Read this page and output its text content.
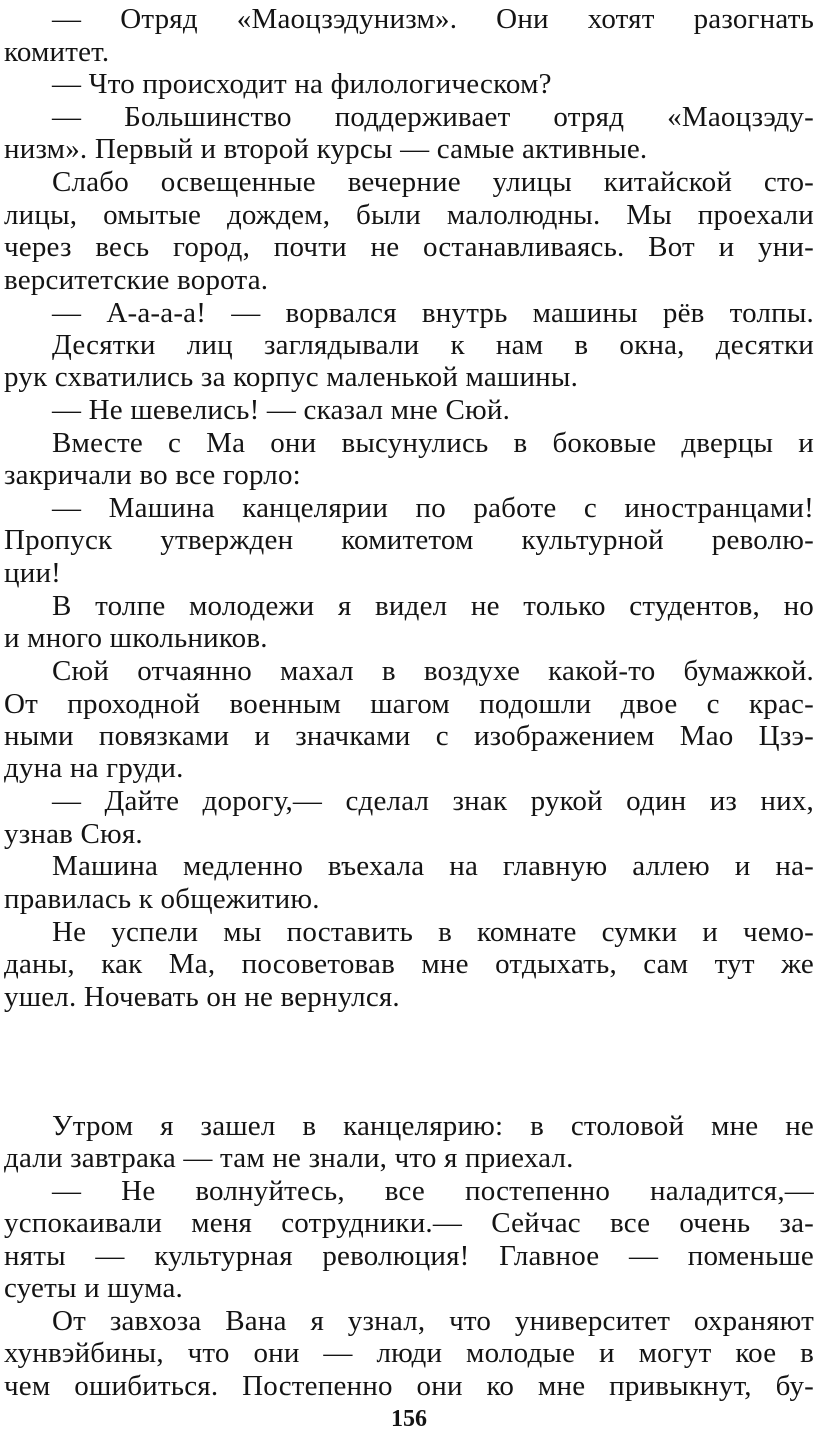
— Отряд «Маоцзэдунизм». Они хотят разогнать
комитет.
— Что происходит на филологическом?
— Большинство поддерживает отряд «Маоцзэду-
низм». Первый и второй курсы — самые активные.
Слабо освещенные вечерние улицы китайской сто-
лицы, омытые дождем, были малолюдны. Мы проехали
через весь город, почти не останавливаясь. Вот и уни-
верситетские ворота.
— А-а-а-а! — ворвался внутрь машины рёв толпы.
Десятки лиц заглядывали к нам в окна, десятки
рук схватились за корпус маленькой машины.
— Не шевелись! — сказал мне Сюй.
Вместе с Ма они высунулись в боковые дверцы и
закричали во все горло:
— Машина канцелярии по работе с иностранцами!
Пропуск утвержден комитетом культурной револю-
ции!
В толпе молодежи я видел не только студентов, но
и много школьников.
Сюй отчаянно махал в воздухе какой-то бумажкой.
От проходной военным шагом подошли двое с крас-
ными повязками и значками с изображением Мао Цзэ-
дуна на груди.
— Дайте дорогу,— сделал знак рукой один из них,
узнав Сюя.
Машина медленно въехала на главную аллею и на-
правилась к общежитию.
Не успели мы поставить в комнате сумки и чемо-
даны, как Ма, посоветовав мне отдыхать, сам тут же
ушел. Ночевать он не вернулся.
Утром я зашел в канцелярию: в столовой мне не
дали завтрака — там не знали, что я приехал.
— Не волнуйтесь, все постепенно наладится,—
успокаивали меня сотрудники.— Сейчас все очень за-
няты — культурная революция! Главное — поменьше
суеты и шума.
От завхоза Вана я узнал, что университет охраняют
хунвэйбины, что они — люди молодые и могут кое в
чем ошибиться. Постепенно они ко мне привыкнут, бу-
156
